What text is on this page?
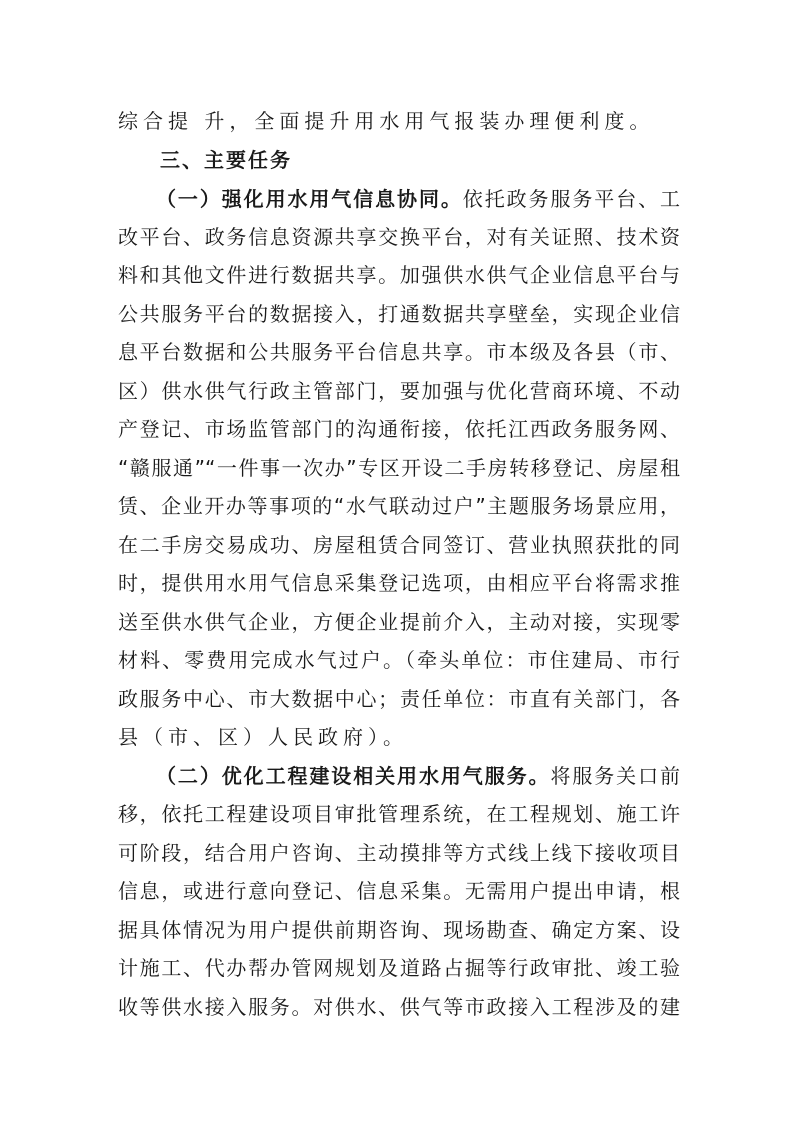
综合提 升，全面提升用水用气报装办理便利度。
三、主要任务
（一）强化用水用气信息协同。依托政务服务平台、工
改平台、政务信息资源共享交换平台，对有关证照、技术资
料和其他文件进行数据共享。加强供水供气企业信息平台与
公共服务平台的数据接入，打通数据共享壁垒，实现企业信
息平台数据和公共服务平台信息共享。市本级及各县（市、
区）供水供气行政主管部门，要加强与优化营商环境、不动
产登记、市场监管部门的沟通衔接，依托江西政务服务网、
“赣服通”“一件事一次办”专区开设二手房转移登记、房屋租
赁、企业开办等事项的“水气联动过户”主题服务场景应用，
在二手房交易成功、房屋租赁合同签订、营业执照获批的同
时，提供用水用气信息采集登记选项，由相应平台将需求推
送至供水供气企业，方便企业提前介入，主动对接，实现零
材料、零费用完成水气过户。（牵头单位：市住建局、市行
政服务中心、市大数据中心；责任单位：市直有关部门，各
县（市、区）人民政府）。
（二）优化工程建设相关用水用气服务。将服务关口前
移，依托工程建设项目审批管理系统，在工程规划、施工许
可阶段，结合用户咨询、主动摸排等方式线上线下接收项目
信息，或进行意向登记、信息采集。无需用户提出申请，根
据具体情况为用户提供前期咨询、现场勘查、确定方案、设
计施工、代办帮办管网规划及道路占掘等行政审批、竣工验
收等供水接入服务。对供水、供气等市政接入工程涉及的建
